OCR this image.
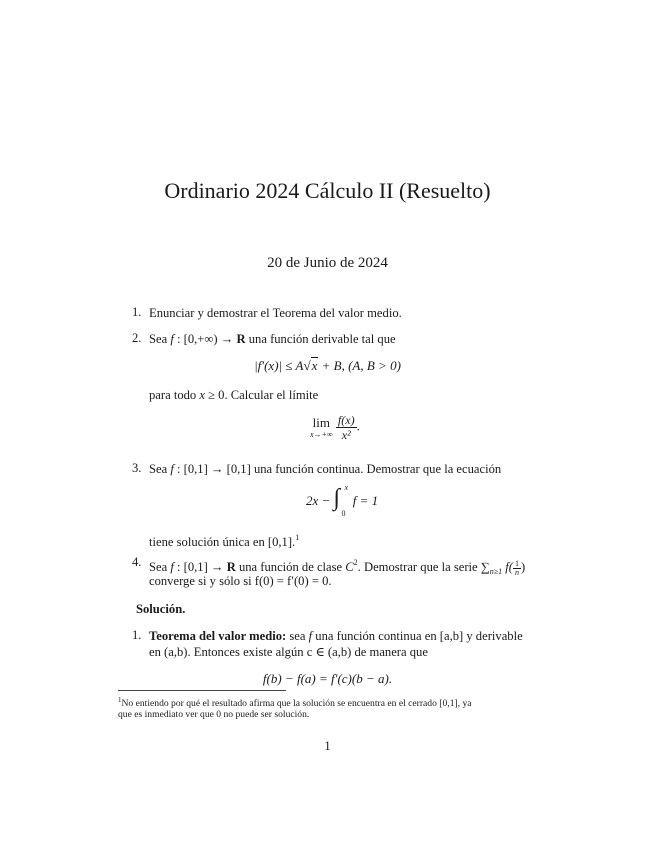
Ordinario 2024 Cálculo II (Resuelto)
20 de Junio de 2024
1. Enunciar y demostrar el Teorema del valor medio.
2. Sea f : [0,+∞) → R una función derivable tal que
|f′(x)| ≤ A√x + B, (A, B > 0)
para todo x ≥ 0. Calcular el límite
lim
x→+∞
$\frac{f(x)}{\text{x²}}$ .
3. Sea f : [0,1] → [0,1] una función continua. Demostrar que la ecuación
2x − ∫ x
0
f = 1
tiene solución única en [0,1].$^1$
4. Sea f : [0,1] → R una función de clase $C^2$. Demostrar que la serie $\sum_{n\ge 1}$ $f( \frac{1}{n}$ )
converge si y sólo si f(0) = f′(0) = 0.
Solución.
1. Teorema del valor medio: sea f una función continua en [a,b] y derivable
en (a,b). Entonces existe algún c ∈ (a,b) de manera que
f(b) − f(a) = f′(c)(b − a).
$^1$No entiendo por qué el resultado afirma que la solución se encuentra en el cerrado [0,1], ya
que es inmediato ver que 0 no puede ser solución.
1
